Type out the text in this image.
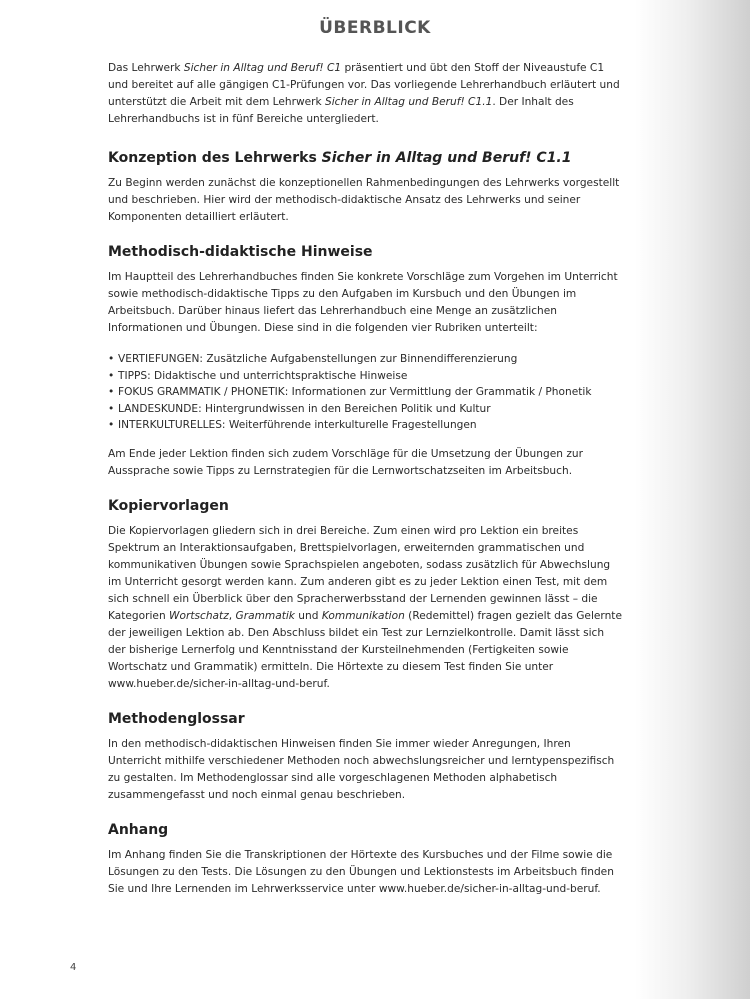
ÜBERBLICK

Das Lehrwerk Sicher in Alltag und Beruf! C1 präsentiert und übt den Stoff der Niveaustufe C1 und bereitet auf alle gängigen C1-Prüfungen vor. Das vorliegende Lehrerhandbuch erläutert und unterstützt die Arbeit mit dem Lehrwerk Sicher in Alltag und Beruf! C1.1. Der Inhalt des Lehrerhandbuchs ist in fünf Bereiche untergliedert.

Konzeption des Lehrwerks Sicher in Alltag und Beruf! C1.1

Zu Beginn werden zunächst die konzeptionellen Rahmenbedingungen des Lehrwerks vorgestellt und beschrieben. Hier wird der methodisch-didaktische Ansatz des Lehrwerks und seiner Komponenten detailliert erläutert.

Methodisch-didaktische Hinweise

Im Hauptteil des Lehrerhandbuches finden Sie konkrete Vorschläge zum Vorgehen im Unterricht sowie methodisch-didaktische Tipps zu den Aufgaben im Kursbuch und den Übungen im Arbeitsbuch. Darüber hinaus liefert das Lehrerhandbuch eine Menge an zusätzlichen Informationen und Übungen. Diese sind in die folgenden vier Rubriken unterteilt:

• VERTIEFUNGEN: Zusätzliche Aufgabenstellungen zur Binnendifferenzierung
• TIPPS: Didaktische und unterrichtspraktische Hinweise
• FOKUS GRAMMATIK / PHONETIK: Informationen zur Vermittlung der Grammatik / Phonetik
• LANDESKUNDE: Hintergrundwissen in den Bereichen Politik und Kultur
• INTERKULTURELLES: Weiterführende interkulturelle Fragestellungen

Am Ende jeder Lektion finden sich zudem Vorschläge für die Umsetzung der Übungen zur Aussprache sowie Tipps zu Lernstrategien für die Lernwortschatzseiten im Arbeitsbuch.

Kopiervorlagen

Die Kopiervorlagen gliedern sich in drei Bereiche. Zum einen wird pro Lektion ein breites Spektrum an Interaktionsaufgaben, Brettspielvorlagen, erweiternden grammatischen und kommunikativen Übungen sowie Sprachspielen angeboten, sodass zusätzlich für Abwechslung im Unterricht gesorgt werden kann. Zum anderen gibt es zu jeder Lektion einen Test, mit dem sich schnell ein Überblick über den Spracherwerbsstand der Lernenden gewinnen lässt – die Kategorien Wortschatz, Grammatik und Kommunikation (Redemittel) fragen gezielt das Gelernte der jeweiligen Lektion ab. Den Abschluss bildet ein Test zur Lernzielkontrolle. Damit lässt sich der bisherige Lernerfolg und Kenntnisstand der Kursteilnehmenden (Fertigkeiten sowie Wortschatz und Grammatik) ermitteln. Die Hörtexte zu diesem Test finden Sie unter www.hueber.de/sicher-in-alltag-und-beruf.

Methodenglossar

In den methodisch-didaktischen Hinweisen finden Sie immer wieder Anregungen, Ihren Unterricht mithilfe verschiedener Methoden noch abwechslungsreicher und lerntypenspezifisch zu gestalten. Im Methodenglossar sind alle vorgeschlagenen Methoden alphabetisch zusammengefasst und noch einmal genau beschrieben.

Anhang

Im Anhang finden Sie die Transkriptionen der Hörtexte des Kursbuches und der Filme sowie die Lösungen zu den Tests. Die Lösungen zu den Übungen und Lektionstests im Arbeitsbuch finden Sie und Ihre Lernenden im Lehrwerksservice unter www.hueber.de/sicher-in-alltag-und-beruf.

4
